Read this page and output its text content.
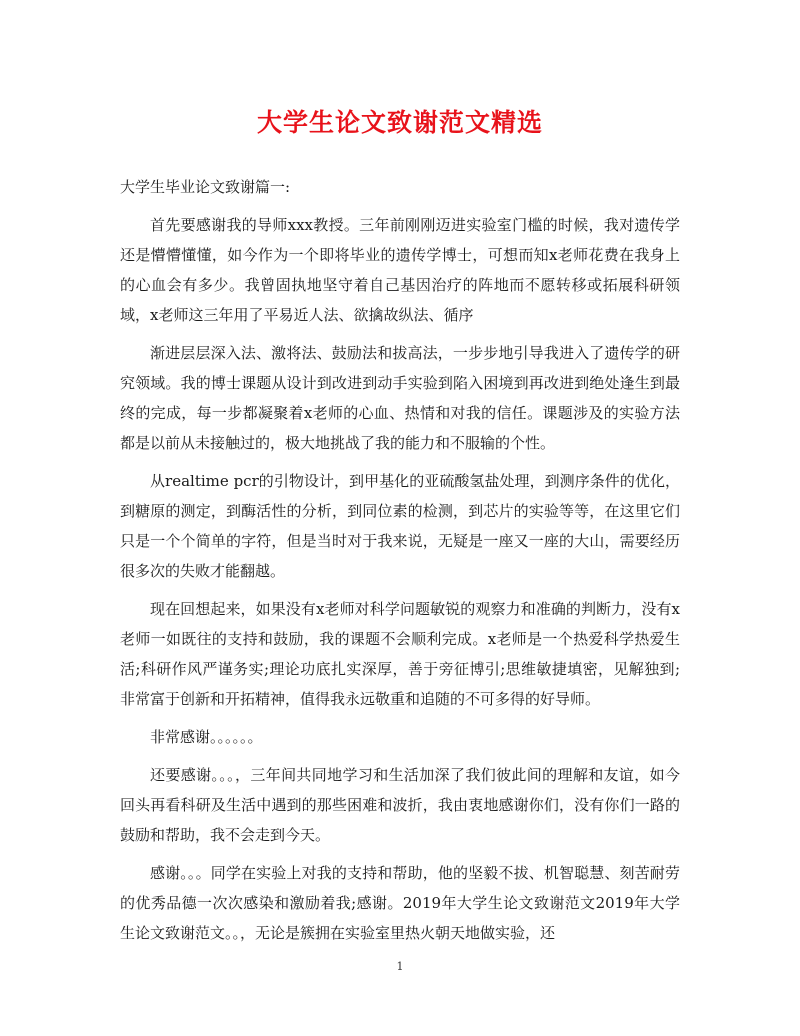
大学生论文致谢范文精选

大学生毕业论文致谢篇一:

首先要感谢我的导师xxx教授。三年前刚刚迈进实验室门槛的时候，我对遗传学还是懵懵懂懂，如今作为一个即将毕业的遗传学博士，可想而知x老师花费在我身上的心血会有多少。我曾固执地坚守着自己基因治疗的阵地而不愿转移或拓展科研领域，x老师这三年用了平易近人法、欲擒故纵法、循序

渐进层层深入法、激将法、鼓励法和拔高法，一步步地引导我进入了遗传学的研究领域。我的博士课题从设计到改进到动手实验到陷入困境到再改进到绝处逢生到最终的完成，每一步都凝聚着x老师的心血、热情和对我的信任。课题涉及的实验方法都是以前从未接触过的，极大地挑战了我的能力和不服输的个性。

从realtime pcr的引物设计，到甲基化的亚硫酸氢盐处理，到测序条件的优化，到糖原的测定，到酶活性的分析，到同位素的检测，到芯片的实验等等，在这里它们只是一个个简单的字符，但是当时对于我来说，无疑是一座又一座的大山，需要经历很多次的失败才能翻越。

现在回想起来，如果没有x老师对科学问题敏锐的观察力和准确的判断力，没有x老师一如既往的支持和鼓励，我的课题不会顺利完成。x老师是一个热爱科学热爱生活;科研作风严谨务实;理论功底扎实深厚，善于旁征博引;思维敏捷填密，见解独到;非常富于创新和开拓精神，值得我永远敬重和追随的不可多得的好导师。

非常感谢。。。。。。

还要感谢。。。，三年间共同地学习和生活加深了我们彼此间的理解和友谊，如今回头再看科研及生活中遇到的那些困难和波折，我由衷地感谢你们，没有你们一路的鼓励和帮助，我不会走到今天。

感谢。。。同学在实验上对我的支持和帮助，他的坚毅不拔、机智聪慧、刻苦耐劳的优秀品德一次次感染和激励着我;感谢。2019年大学生论文致谢范文2019年大学生论文致谢范文。。，无论是簇拥在实验室里热火朝天地做实验，还

1
